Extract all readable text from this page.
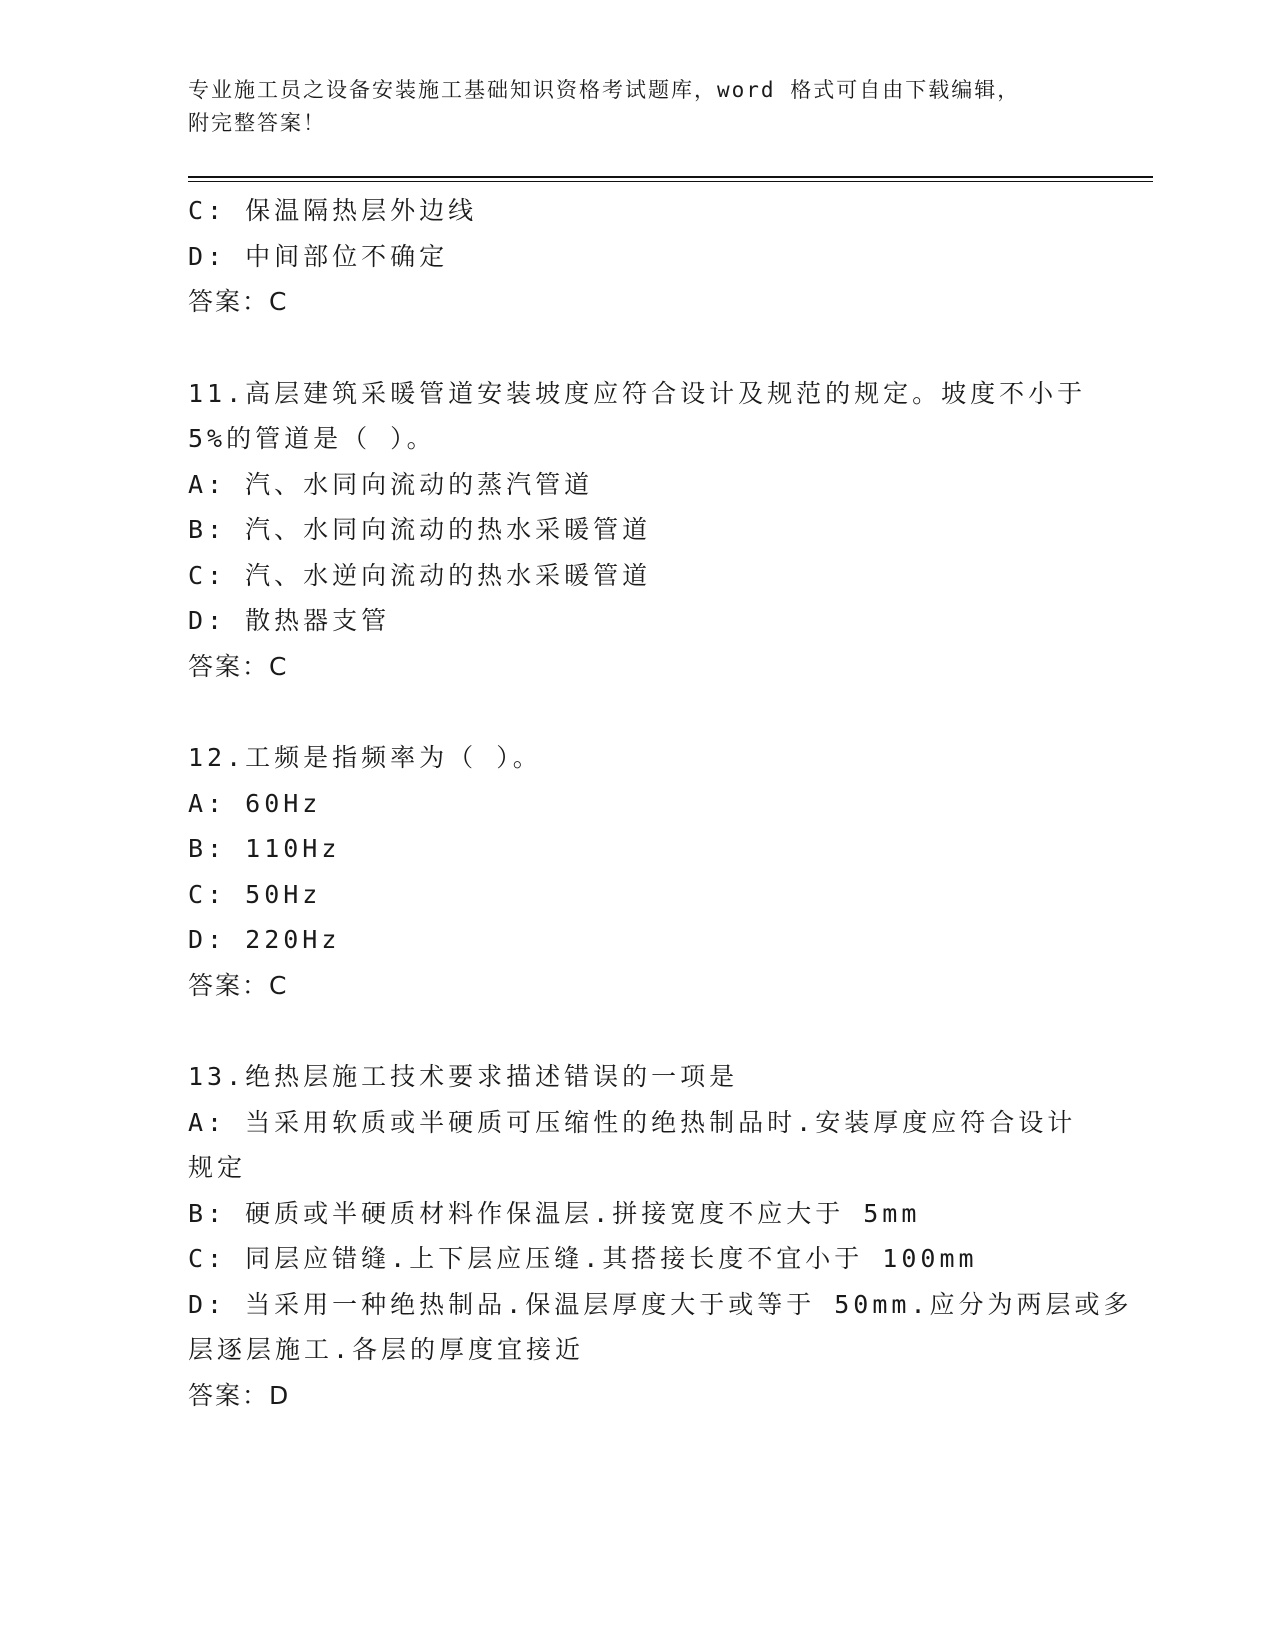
专业施工员之设备安装施工基础知识资格考试题库，word 格式可自由下载编辑，
附完整答案！
C: 保温隔热层外边线
D: 中间部位不确定
答案：C
11.高层建筑采暖管道安装坡度应符合设计及规范的规定。坡度不小于
5%的管道是（ ）。
A: 汽、水同向流动的蒸汽管道
B: 汽、水同向流动的热水采暖管道
C: 汽、水逆向流动的热水采暖管道
D: 散热器支管
答案：C
12.工频是指频率为（ ）。
A: 60Hz
B: 110Hz
C: 50Hz
D: 220Hz
答案：C
13.绝热层施工技术要求描述错误的一项是
A: 当采用软质或半硬质可压缩性的绝热制品时.安装厚度应符合设计
规定
B: 硬质或半硬质材料作保温层.拼接宽度不应大于 5mm
C: 同层应错缝.上下层应压缝.其搭接长度不宜小于 100mm
D: 当采用一种绝热制品.保温层厚度大于或等于 50mm.应分为两层或多
层逐层施工.各层的厚度宜接近
答案：D
